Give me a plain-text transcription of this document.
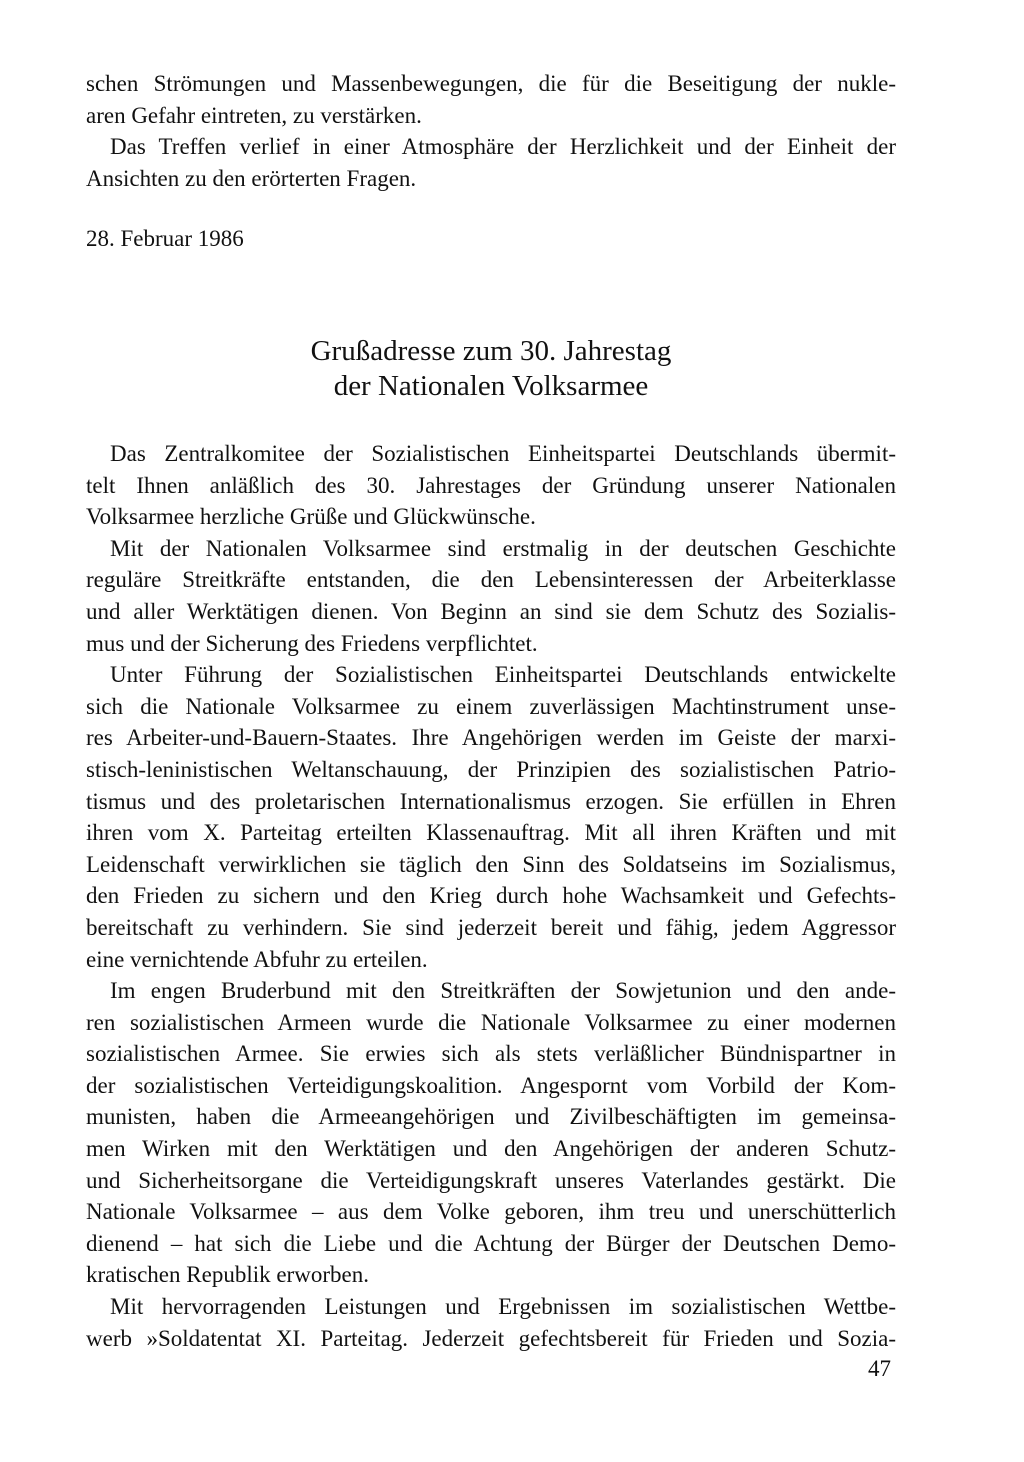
schen Strömungen und Massenbewegungen, die für die Beseitigung der nukle-
aren Gefahr eintreten, zu verstärken.
Das Treffen verlief in einer Atmosphäre der Herzlichkeit und der Einheit der
Ansichten zu den erörterten Fragen.
28. Februar 1986
Grußadresse zum 30. Jahrestag
der Nationalen Volksarmee
Das Zentralkomitee der Sozialistischen Einheitspartei Deutschlands übermit-
telt Ihnen anläßlich des 30. Jahrestages der Gründung unserer Nationalen
Volksarmee herzliche Grüße und Glückwünsche.
Mit der Nationalen Volksarmee sind erstmalig in der deutschen Geschichte
reguläre Streitkräfte entstanden, die den Lebensinteressen der Arbeiterklasse
und aller Werktätigen dienen. Von Beginn an sind sie dem Schutz des Sozialis-
mus und der Sicherung des Friedens verpflichtet.
Unter Führung der Sozialistischen Einheitspartei Deutschlands entwickelte
sich die Nationale Volksarmee zu einem zuverlässigen Machtinstrument unse-
res Arbeiter-und-Bauern-Staates. Ihre Angehörigen werden im Geiste der marxi-
stisch-leninistischen Weltanschauung, der Prinzipien des sozialistischen Patrio-
tismus und des proletarischen Internationalismus erzogen. Sie erfüllen in Ehren
ihren vom X. Parteitag erteilten Klassenauftrag. Mit all ihren Kräften und mit
Leidenschaft verwirklichen sie täglich den Sinn des Soldatseins im Sozialismus,
den Frieden zu sichern und den Krieg durch hohe Wachsamkeit und Gefechts-
bereitschaft zu verhindern. Sie sind jederzeit bereit und fähig, jedem Aggressor
eine vernichtende Abfuhr zu erteilen.
Im engen Bruderbund mit den Streitkräften der Sowjetunion und den ande-
ren sozialistischen Armeen wurde die Nationale Volksarmee zu einer modernen
sozialistischen Armee. Sie erwies sich als stets verläßlicher Bündnispartner in
der sozialistischen Verteidigungskoalition. Angespornt vom Vorbild der Kom-
munisten, haben die Armeeangehörigen und Zivilbeschäftigten im gemeinsa-
men Wirken mit den Werktätigen und den Angehörigen der anderen Schutz-
und Sicherheitsorgane die Verteidigungskraft unseres Vaterlandes gestärkt. Die
Nationale Volksarmee – aus dem Volke geboren, ihm treu und unerschütterlich
dienend – hat sich die Liebe und die Achtung der Bürger der Deutschen Demo-
kratischen Republik erworben.
Mit hervorragenden Leistungen und Ergebnissen im sozialistischen Wettbe-
werb »Soldatentat XI. Parteitag. Jederzeit gefechtsbereit für Frieden und Sozia-
47
